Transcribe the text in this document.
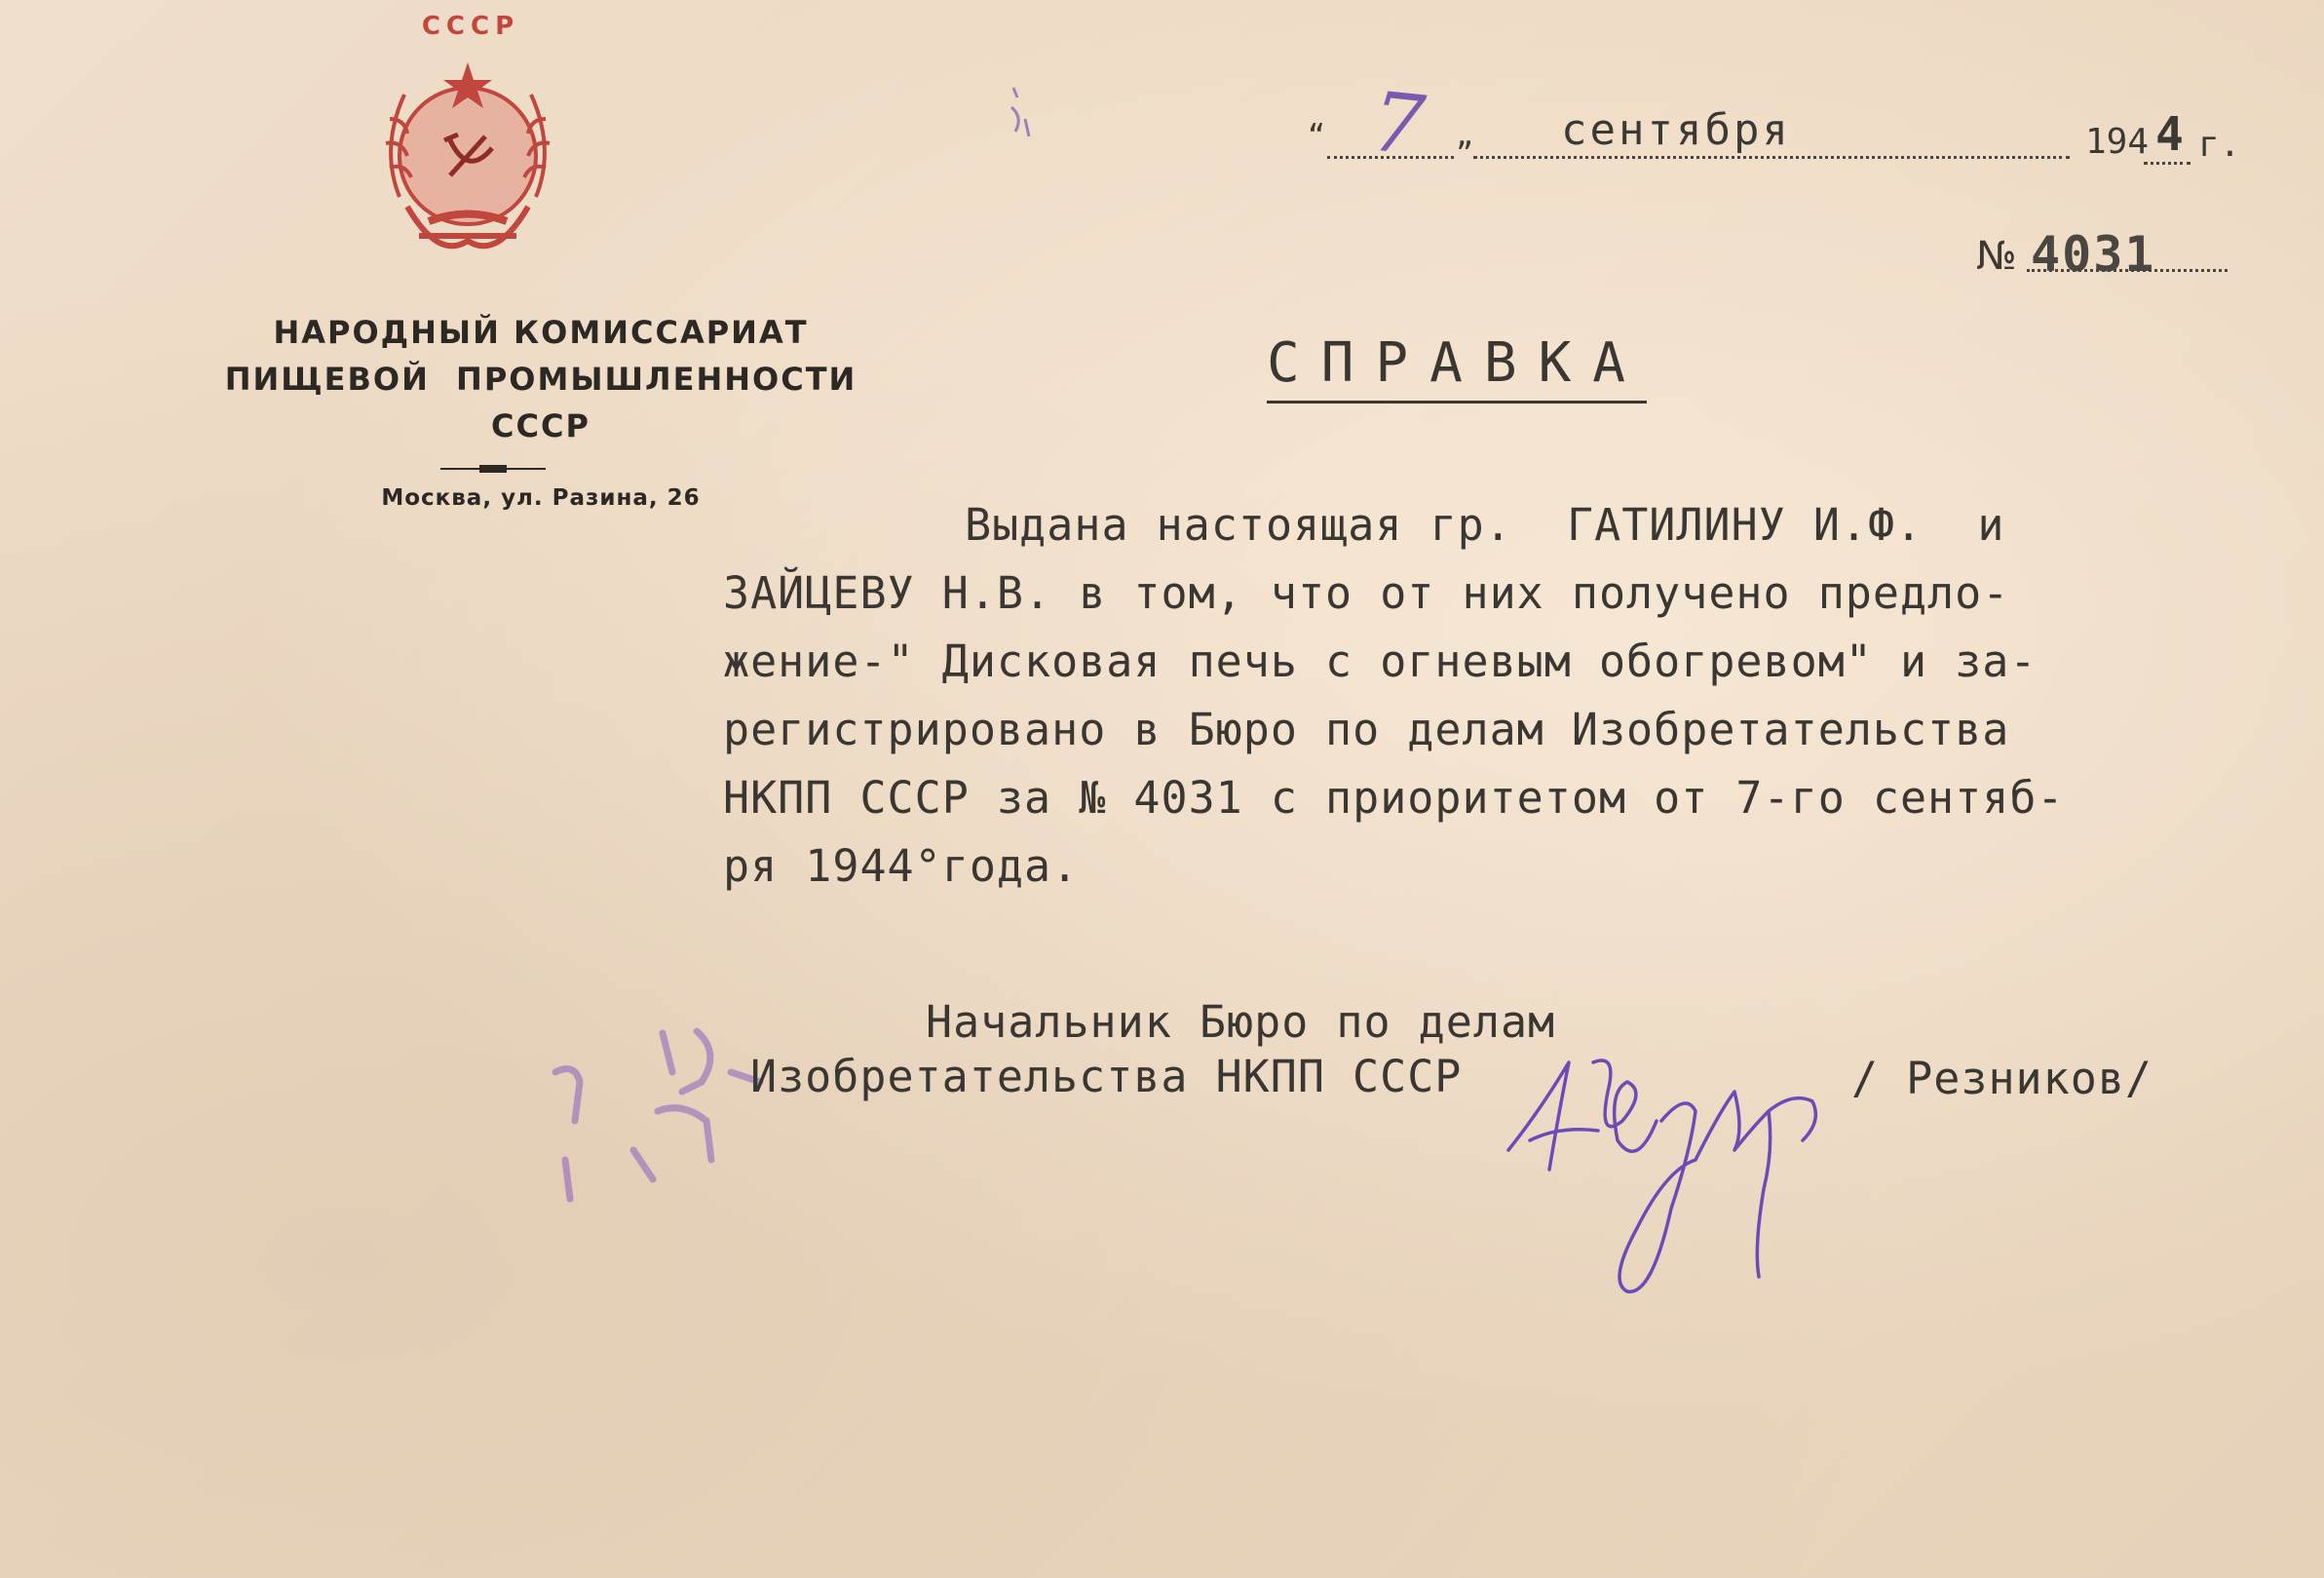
СССР
НАРОДНЫЙ КОМИССАРИАТ
ПИЩЕВОЙ ПРОМЫШЛЕННОСТИ
СССР
Москва, ул. Разина, 26
“ 7 „ сентября	194 4 г.
№ 4031
СПРАВКА
Выдана настоящая гр.  ГАТИЛИНУ И.Ф.  и
ЗАЙЦЕВУ Н.В. в том, что от них получено предло-
жение-" Дисковая печь с огневым обогревом" и за-
регистрировано в Бюро по делам Изобретательства
НКПП СССР за № 4031 с приоритетом от 7-го сентяб-
ря 1944°года.
Начальник Бюро по делам
Изобретательства НКПП СССР	/ Резников/
